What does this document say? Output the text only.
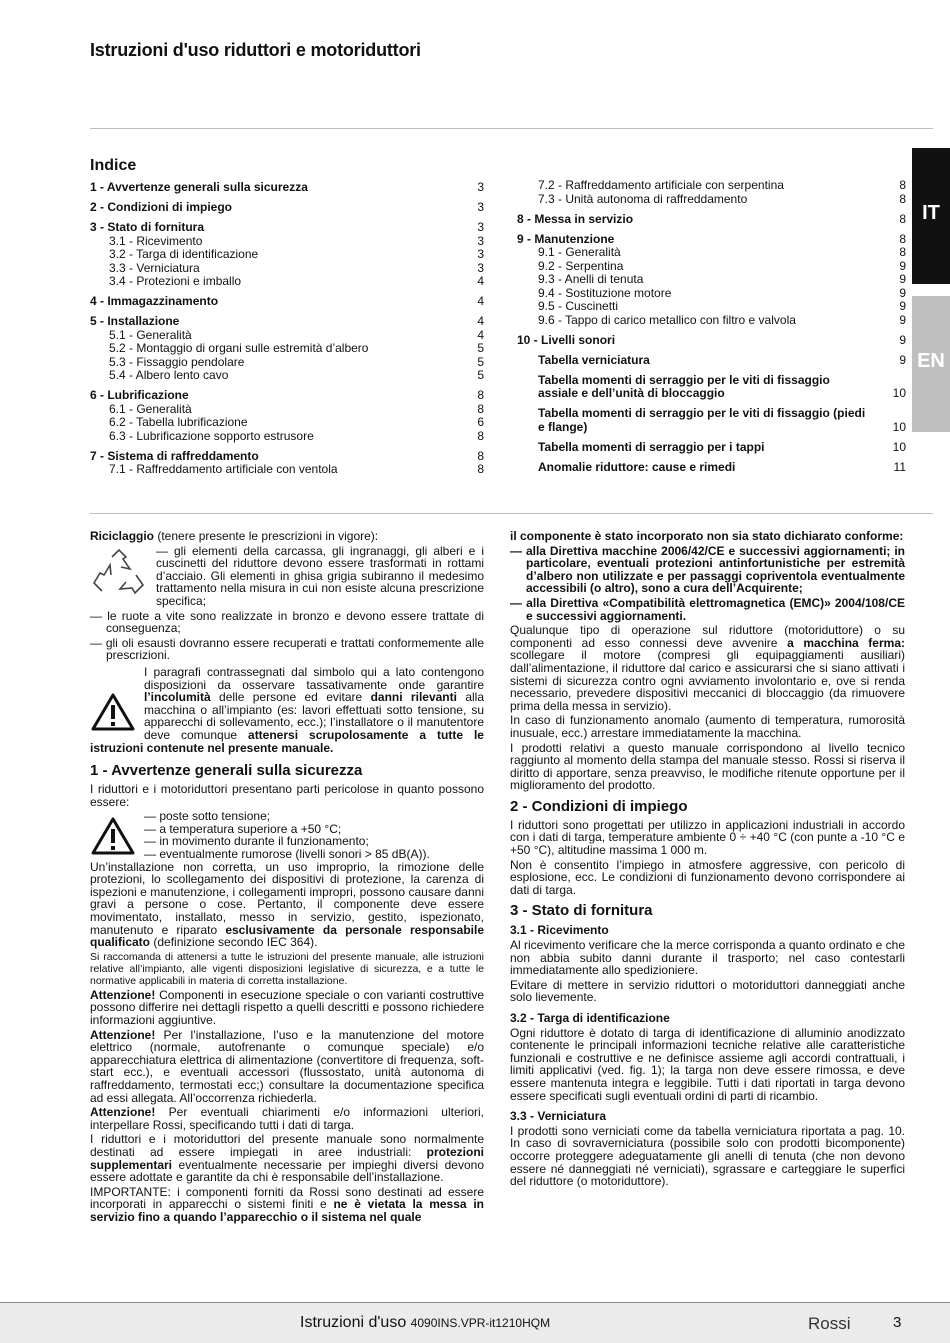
Istruzioni d'uso riduttori e motoriduttori
Indice
1 - Avvertenze generali sulla sicurezza	3
2 - Condizioni di impiego	3
3 - Stato di fornitura	3
3.1 - Ricevimento	3
3.2 - Targa di identificazione	3
3.3 - Verniciatura	3
3.4 - Protezioni e imballo	4
4 - Immagazzinamento	4
5 - Installazione	4
5.1 - Generalità	4
5.2 - Montaggio di organi sulle estremità d’albero	5
5.3 - Fissaggio pendolare	5
5.4 - Albero lento cavo	5
6 - Lubrificazione	8
6.1 - Generalità	8
6.2 - Tabella lubrificazione	6
6.3 - Lubrificazione sopporto estrusore	8
7 - Sistema di raffreddamento	8
7.1 - Raffreddamento artificiale con ventola	8
7.2 - Raffreddamento artificiale con serpentina	8
7.3 - Unità autonoma di raffreddamento	8
8 - Messa in servizio	8
9 - Manutenzione	8
9.1 - Generalità	8
9.2 - Serpentina	9
9.3 - Anelli di tenuta	9
9.4 - Sostituzione motore	9
9.5 - Cuscinetti	9
9.6 - Tappo di carico metallico con filtro e valvola	9
10 - Livelli sonori	9
Tabella verniciatura	9
Tabella momenti di serraggio per le viti di fissaggio assiale e dell’unità di bloccaggio	10
Tabella momenti di serraggio per le viti di fissaggio (piedi e flange)	10
Tabella momenti di serraggio per i tappi	10
Anomalie riduttore: cause e rimedi	11
IT
EN

Riciclaggio (tenere presente le prescrizioni in vigore):

— gli elementi della carcassa, gli ingranaggi, gli alberi e i cuscinetti del riduttore devono essere trasformati in rottami d’acciaio. Gli elementi in ghisa grigia subiranno il medesimo trattamento nella misura in cui non esiste alcuna prescrizione specifica;

— le ruote a vite sono realizzate in bronzo e devono essere trattate di conseguenza;

— gli oli esausti dovranno essere recuperati e trattati conformemente alle prescrizioni.

I paragrafi contrassegnati dal simbolo qui a lato contengono disposizioni da osservare tassativamente onde garantire l’incolumità delle persone ed evitare danni rilevanti alla macchina o all’impianto (es: lavori effettuati sotto tensione, su apparecchi di sollevamento, ecc.); l’installatore o il manutentore deve comunque attenersi scrupolosamente a tutte le istruzioni contenute nel presente manuale.

1 - Avvertenze generali sulla sicurezza

I riduttori e i motoriduttori presentano parti pericolose in quanto possono essere:

— poste sotto tensione;

— a temperatura superiore a +50 °C;

— in movimento durante il funzionamento;

— eventualmente rumorose (livelli sonori > 85 dB(A)).

Un’installazione non corretta, un uso improprio, la rimozione delle protezioni, lo scollegamento dei dispositivi di protezione, la carenza di ispezioni e manutenzione, i collegamenti impropri, possono causare danni gravi a persone o cose. Pertanto, il componente deve essere movimentato, installato, messo in servizio, gestito, ispezionato, manutenuto e riparato esclusivamente da personale responsabile qualificato (definizione secondo IEC 364).

Si raccomanda di attenersi a tutte le istruzioni del presente manuale, alle istruzioni relative all’impianto, alle vigenti disposizioni legislative di sicurezza, e a tutte le normative applicabili in materia di corretta installazione.

Attenzione! Componenti in esecuzione speciale o con varianti costruttive possono differire nei dettagli rispetto a quelli descritti e possono richiedere informazioni aggiuntive.

Attenzione! Per l’installazione, l’uso e la manutenzione del motore elettrico (normale, autofrenante o comunque speciale) e/o apparecchiatura elettrica di alimentazione (convertitore di frequenza, soft-start ecc.), e eventuali accessori (flussostato, unità autonoma di raffreddamento, termostati ecc;) consultare la documentazione specifica ad essi allegata. All’occorrenza richiederla.

Attenzione! Per eventuali chiarimenti e/o informazioni ulteriori, interpellare Rossi, specificando tutti i dati di targa.

I riduttori e i motoriduttori del presente manuale sono normalmente destinati ad essere impiegati in aree industriali: protezioni supplementari eventualmente necessarie per impieghi diversi devono essere adottate e garantite da chi è responsabile dell’installazione.

IMPORTANTE: i componenti forniti da Rossi sono destinati ad essere incorporati in apparecchi o sistemi finiti e ne è vietata la messa in servizio fino a quando l’apparecchio o il sistema nel quale

il componente è stato incorporato non sia stato dichiarato conforme:

— alla Direttiva macchine 2006/42/CE e successivi aggiornamenti; in particolare, eventuali protezioni antinfortunistiche per estremità d’albero non utilizzate e per passaggi copriventola eventualmente accessibili (o altro), sono a cura dell’Acquirente;

— alla Direttiva «Compatibilità elettromagnetica (EMC)» 2004/108/CE e successivi aggiornamenti.

Qualunque tipo di operazione sul riduttore (motoriduttore) o su componenti ad esso connessi deve avvenire a macchina ferma: scollegare il motore (compresi gli equipaggiamenti ausiliari) dall’alimentazione, il riduttore dal carico e assicurarsi che si siano attivati i sistemi di sicurezza contro ogni avviamento involontario e, ove si renda necessario, prevedere dispositivi meccanici di bloccaggio (da rimuovere prima della messa in servizio).

In caso di funzionamento anomalo (aumento di temperatura, rumorosità inusuale, ecc.) arrestare immediatamente la macchina.

I prodotti relativi a questo manuale corrispondono al livello tecnico raggiunto al momento della stampa del manuale stesso. Rossi si riserva il diritto di apportare, senza preavviso, le modifiche ritenute opportune per il miglioramento del prodotto.

2 - Condizioni di impiego

I riduttori sono progettati per utilizzo in applicazioni industriali in accordo con i dati di targa, temperature ambiente 0 ÷ +40 °C (con punte a -10 °C e +50 °C), altitudine massima 1 000 m.

Non è consentito l’impiego in atmosfere aggressive, con pericolo di esplosione, ecc. Le condizioni di funzionamento devono corrispondere ai dati di targa.

3 - Stato di fornitura
3.1 - Ricevimento

Al ricevimento verificare che la merce corrisponda a quanto ordinato e che non abbia subito danni durante il trasporto; nel caso contestarli immediatamente allo spedizioniere.

Evitare di mettere in servizio riduttori o motoriduttori danneggiati anche solo lievemente.

3.2 - Targa di identificazione

Ogni riduttore è dotato di targa di identificazione di alluminio anodizzato contenente le principali informazioni tecniche relative alle caratteristiche funzionali e costruttive e ne definisce assieme agli accordi contrattuali, i limiti applicativi (ved. fig. 1); la targa non deve essere rimossa, e deve essere mantenuta integra e leggibile. Tutti i dati riportati in targa devono essere specificati sugli eventuali ordini di parti di ricambio.

3.3 - Verniciatura

I prodotti sono verniciati come da tabella verniciatura riportata a pag. 10. In caso di sovraverniciatura (possibile solo con prodotti bicomponente) occorre proteggere adeguatamente gli anelli di tenuta (che non devono essere né danneggiati né verniciati), sgrassare e carteggiare le superfici del riduttore (o motoriduttore).

Istruzioni d'uso 4090INS.VPR-it1210HQM	Rossi	3
